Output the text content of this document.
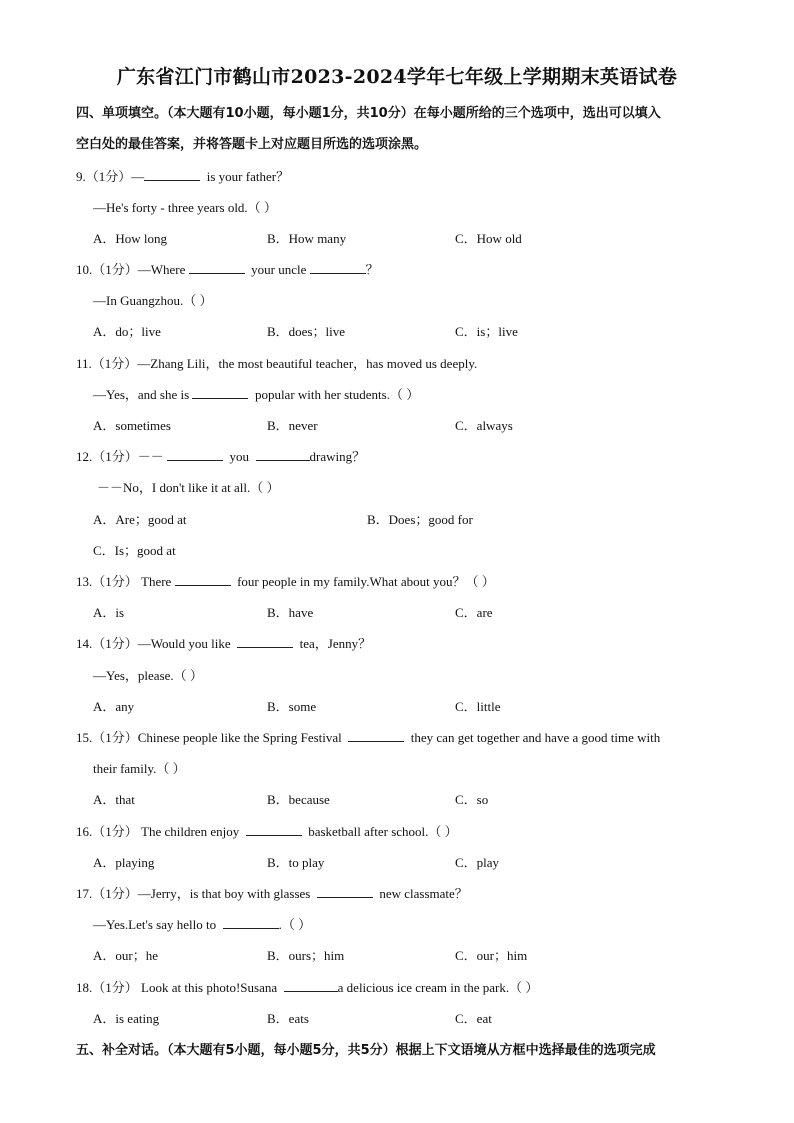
广东省江门市鹤山市2023-2024学年七年级上学期期末英语试卷
四、单项填空。（本大题有10小题，每小题1分，共10分）在每小题所给的三个选项中，选出可以填入
空白处的最佳答案，并将答题卡上对应题目所选的选项涂黑。
9.（1分）—	is your father？
—He's forty - three years old.（ ）
A．How long	B．How many	C．How old
10.（1分）—Where	your uncle	？
—In Guangzhou.（ ）
A．do；live	B．does；live	C．is；live
11.（1分）—Zhang Lili，the most beautiful teacher，has moved us deeply.
—Yes，and she is	popular with her students.（ ）
A．sometimes	B．never	C．always
12.（1分）－－	you	drawing？
－－No，I don't like it at all.（ ）
A．Are；good at	B．Does；good for
C．Is；good at
13.（1分） There	four people in my family.What about you？（ ）
A．is	B．have	C．are
14.（1分）—Would you like	tea，Jenny？
—Yes，please.（ ）
A．any	B．some	C．little
15.（1分）Chinese people like the Spring Festival	they can get together and have a good time with
their family.（ ）
A．that	B．because	C．so
16.（1分） The children enjoy	basketball after school.（ ）
A．playing	B．to play	C．play
17.（1分）—Jerry，is that boy with glasses	new classmate？
—Yes.Let's say hello to	.（ ）
A．our；he	B．ours；him	C．our；him
18.（1分） Look at this photo!Susana	a delicious ice cream in the park.（ ）
A．is eating	B．eats	C．eat
五、补全对话。（本大题有5小题，每小题5分，共5分）根据上下文语境从方框中选择最佳的选项完成
